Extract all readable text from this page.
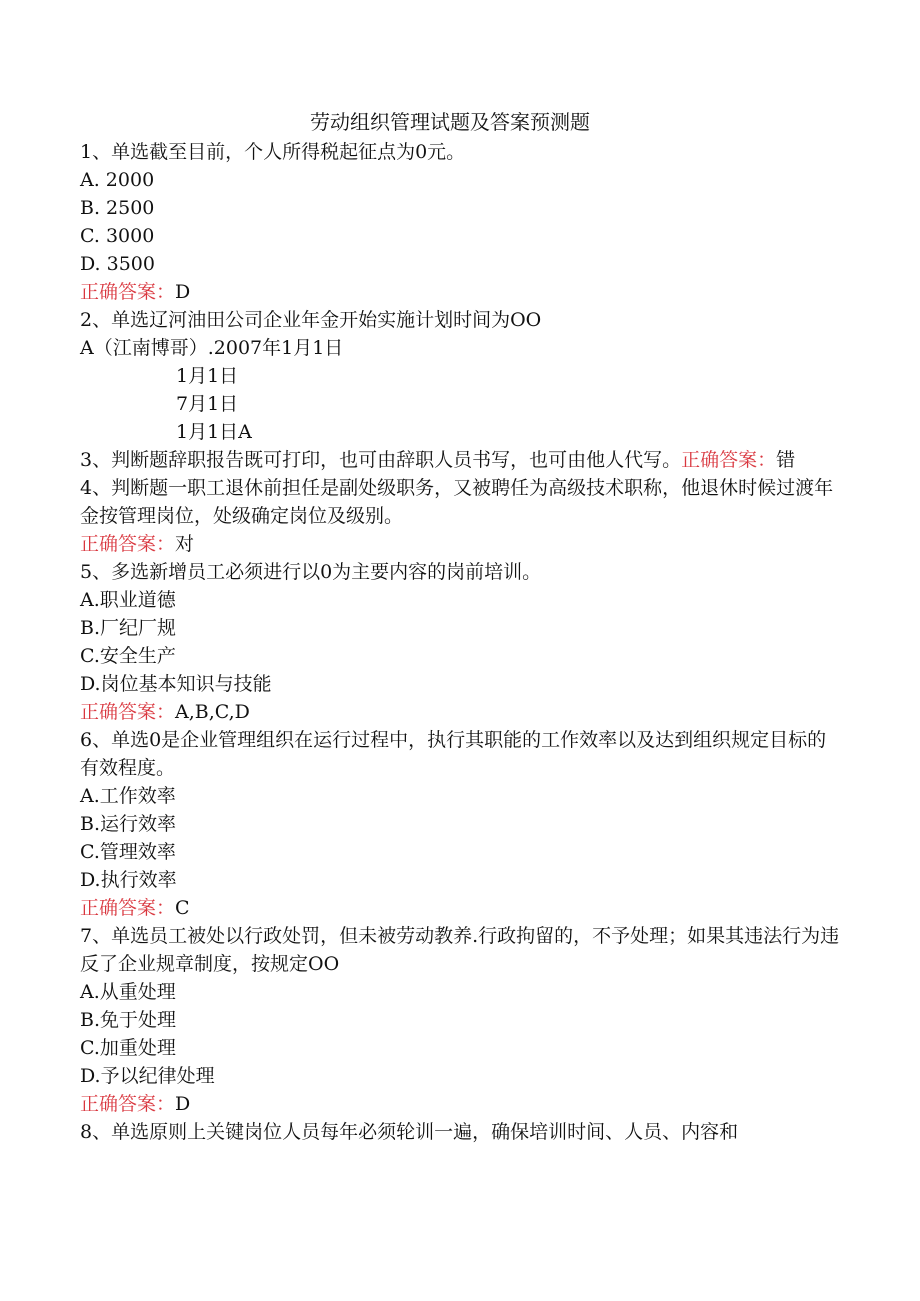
劳动组织管理试题及答案预测题
1、单选截至目前，个人所得税起征点为0元。
A. 2000
B. 2500
C. 3000
D. 3500
正确答案：D
2、单选辽河油田公司企业年金开始实施计划时间为OO
A（江南博哥）.2007年1月1日
1月1日
7月1日
1月1日A
3、判断题辞职报告既可打印，也可由辞职人员书写，也可由他人代写。正确答案：错
4、判断题一职工退休前担任是副处级职务，又被聘任为高级技术职称，他退休时候过渡年金按管理岗位，处级确定岗位及级别。
正确答案：对
5、多选新增员工必须进行以0为主要内容的岗前培训。
A.职业道德
B.厂纪厂规
C.安全生产
D.岗位基本知识与技能
正确答案：A,B,C,D
6、单选0是企业管理组织在运行过程中，执行其职能的工作效率以及达到组织规定目标的有效程度。
A.工作效率
B.运行效率
C.管理效率
D.执行效率
正确答案：C
7、单选员工被处以行政处罚，但未被劳动教养.行政拘留的，不予处理；如果其违法行为违反了企业规章制度，按规定OO
A.从重处理
B.免于处理
C.加重处理
D.予以纪律处理
正确答案：D
8、单选原则上关键岗位人员每年必须轮训一遍，确保培训时间、人员、内容和
